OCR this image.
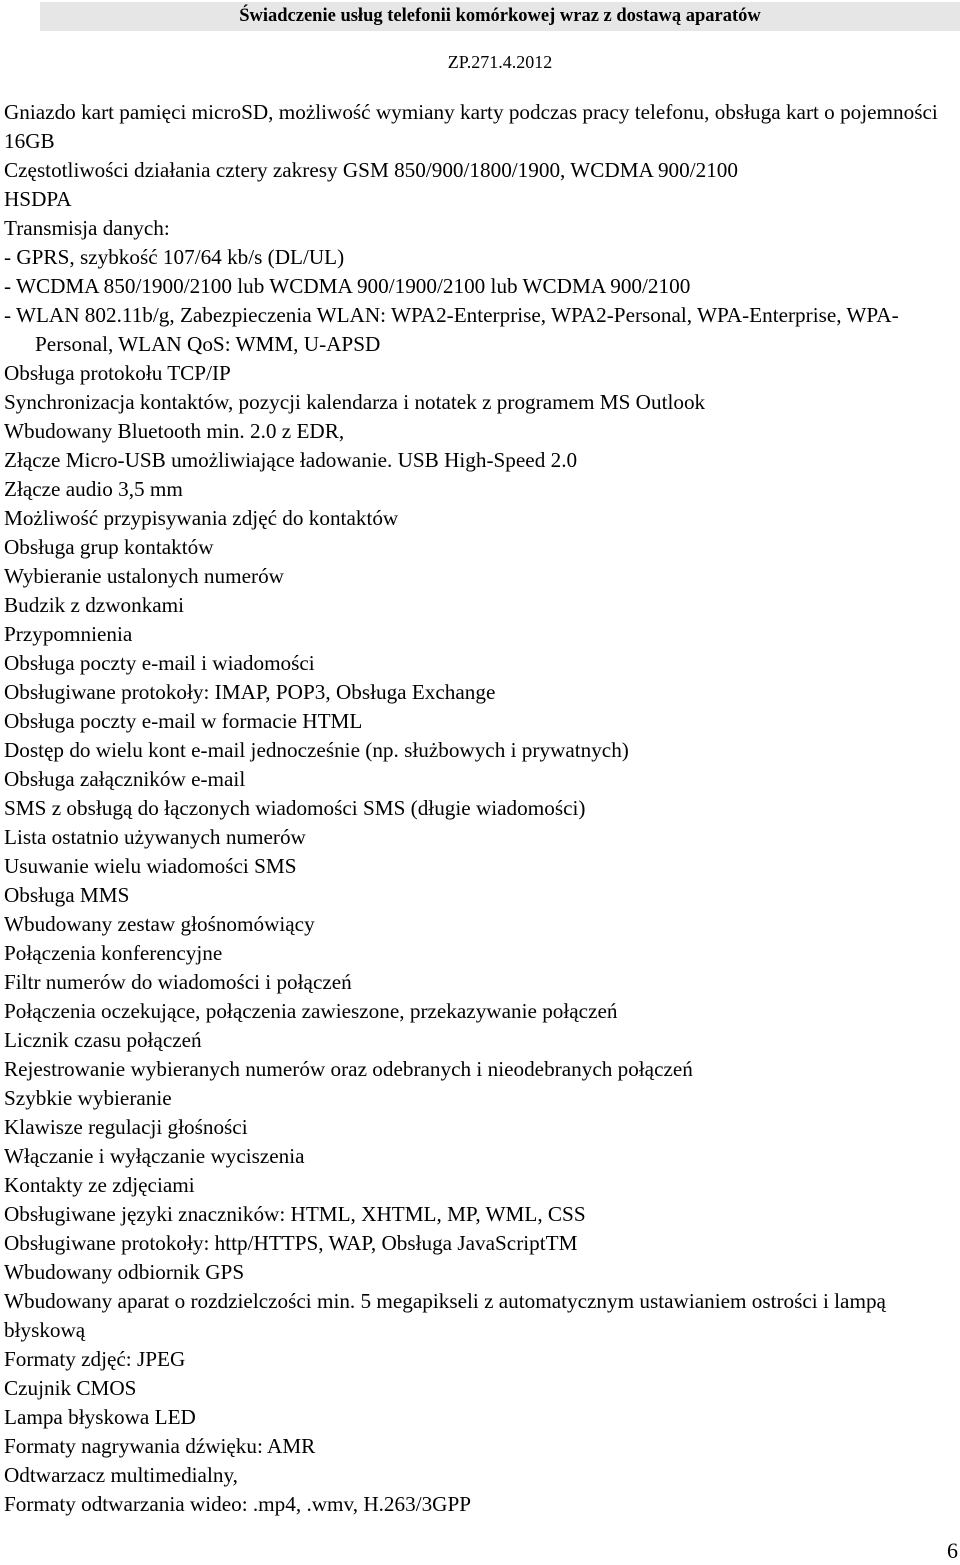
Świadczenie usług telefonii komórkowej wraz z dostawą aparatów
ZP.271.4.2012

Gniazdo kart pamięci microSD, możliwość wymiany karty podczas pracy telefonu, obsługa kart o pojemności 16GB

Częstotliwości działania cztery zakresy GSM 850/900/1800/1900, WCDMA 900/2100

HSDPA

Transmisja danych:

- GPRS, szybkość 107/64 kb/s (DL/UL)

- WCDMA 850/1900/2100 lub WCDMA 900/1900/2100 lub WCDMA 900/2100

- WLAN 802.11b/g, Zabezpieczenia WLAN: WPA2-Enterprise, WPA2-Personal, WPA-Enterprise, WPA-Personal, WLAN QoS: WMM, U-APSD

Obsługa protokołu TCP/IP

Synchronizacja kontaktów, pozycji kalendarza i notatek z programem MS Outlook

Wbudowany Bluetooth min. 2.0 z EDR,

Złącze Micro-USB umożliwiające ładowanie. USB High-Speed 2.0

Złącze audio 3,5 mm

Możliwość przypisywania zdjęć do kontaktów

Obsługa grup kontaktów

Wybieranie ustalonych numerów

Budzik z dzwonkami

Przypomnienia

Obsługa poczty e-mail i wiadomości

Obsługiwane protokoły: IMAP, POP3, Obsługa Exchange

Obsługa poczty e-mail w formacie HTML

Dostęp do wielu kont e-mail jednocześnie (np. służbowych i prywatnych)

Obsługa załączników e-mail

SMS z obsługą do łączonych wiadomości SMS (długie wiadomości)

Lista ostatnio używanych numerów

Usuwanie wielu wiadomości SMS

Obsługa MMS

Wbudowany zestaw głośnomówiący

Połączenia konferencyjne

Filtr numerów do wiadomości i połączeń

Połączenia oczekujące, połączenia zawieszone, przekazywanie połączeń

Licznik czasu połączeń

Rejestrowanie wybieranych numerów oraz odebranych i nieodebranych połączeń

Szybkie wybieranie

Klawisze regulacji głośności

Włączanie i wyłączanie wyciszenia

Kontakty ze zdjęciami

Obsługiwane języki znaczników: HTML, XHTML, MP, WML, CSS

Obsługiwane protokoły: http/HTTPS, WAP, Obsługa JavaScriptTM

Wbudowany odbiornik GPS

Wbudowany aparat o rozdzielczości min. 5 megapikseli z automatycznym ustawianiem ostrości i lampą błyskową

Formaty zdjęć: JPEG

Czujnik CMOS

Lampa błyskowa LED

Formaty nagrywania dźwięku: AMR

Odtwarzacz multimedialny,

Formaty odtwarzania wideo: .mp4, .wmv, H.263/3GPP

6
